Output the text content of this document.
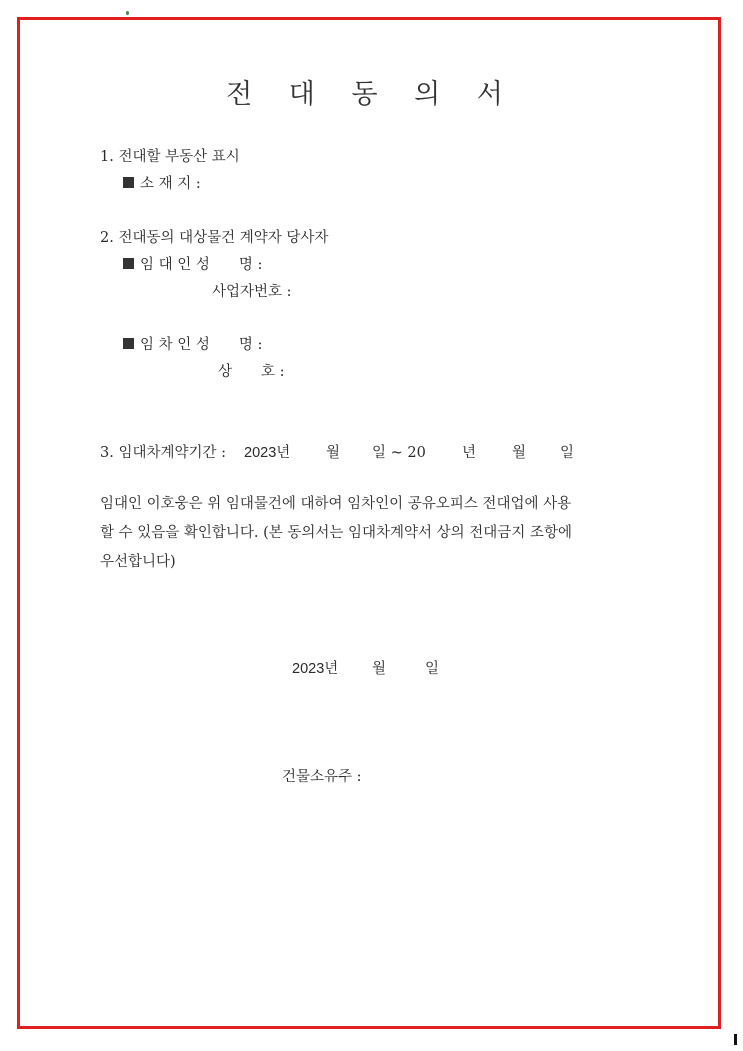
전 대 동 의 서
1. 전대할 부동산 표시
소 재 지 :
2. 전대동의 대상물건 계약자 당사자
임 대 인 성　　명 :
사업자번호 :
임 차 인 성　　명 :
상　　호 :
3. 임대차계약기간 : 2023년 월 일 ~ 20 년 월 일
임대인 이호웅은 위 임대물건에 대하여 임차인이 공유오피스 전대업에 사용
할 수 있음을 확인합니다. (본 동의서는 임대차계약서 상의 전대금지 조항에
우선합니다)
2023년 월	일
건물소유주 :
